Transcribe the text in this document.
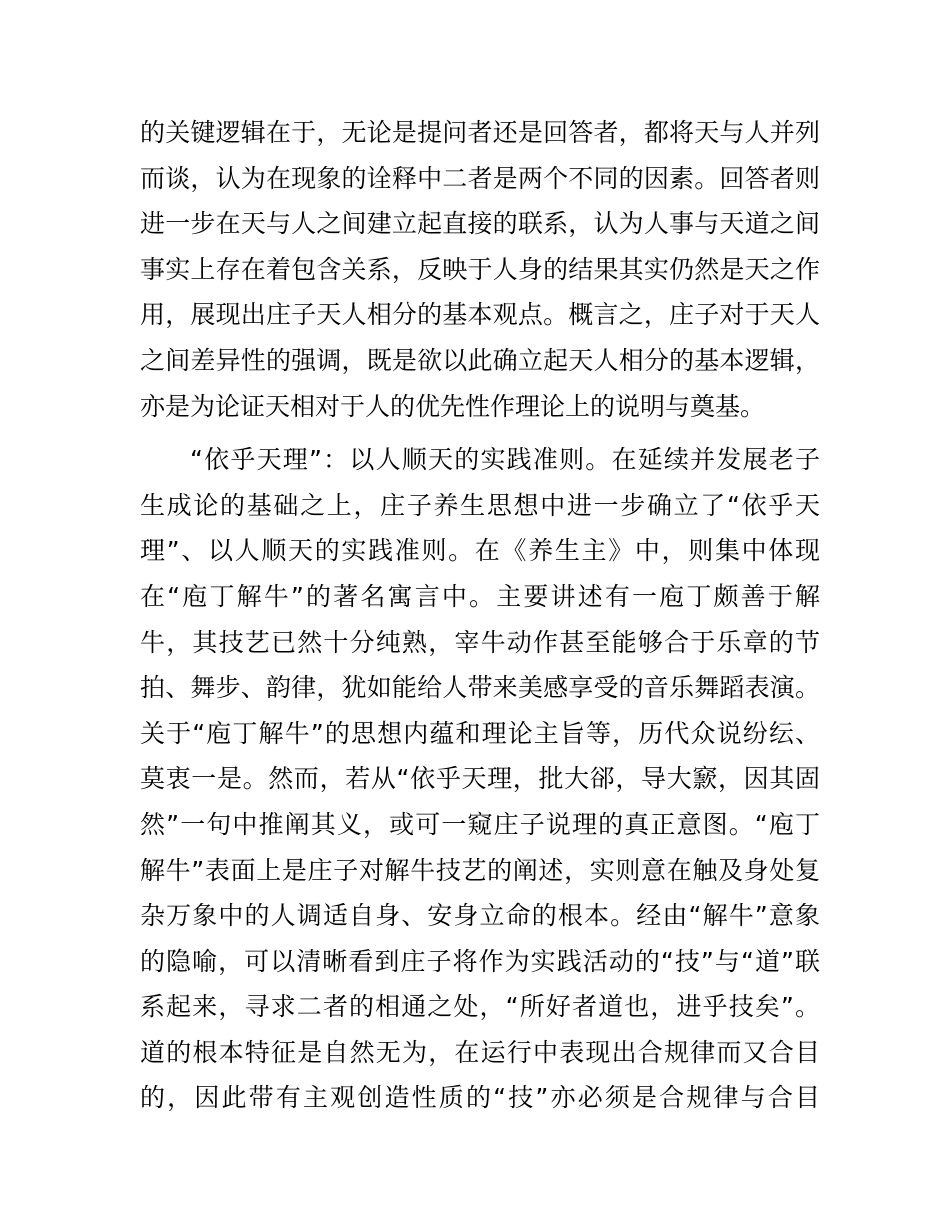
的关键逻辑在于，无论是提问者还是回答者，都将天与人并列
而谈，认为在现象的诠释中二者是两个不同的因素。回答者则
进一步在天与人之间建立起直接的联系，认为人事与天道之间
事实上存在着包含关系，反映于人身的结果其实仍然是天之作
用，展现出庄子天人相分的基本观点。概言之，庄子对于天人
之间差异性的强调，既是欲以此确立起天人相分的基本逻辑，
亦是为论证天相对于人的优先性作理论上的说明与奠基。
“依乎天理”：以人顺天的实践准则。在延续并发展老子
生成论的基础之上，庄子养生思想中进一步确立了“依乎天
理”、以人顺天的实践准则。在《养生主》中，则集中体现
在“庖丁解牛”的著名寓言中。主要讲述有一庖丁颇善于解
牛，其技艺已然十分纯熟，宰牛动作甚至能够合于乐章的节
拍、舞步、韵律，犹如能给人带来美感享受的音乐舞蹈表演。
关于“庖丁解牛”的思想内蕴和理论主旨等，历代众说纷纭、
莫衷一是。然而，若从“依乎天理，批大郤，导大窾，因其固
然”一句中推阐其义，或可一窥庄子说理的真正意图。“庖丁
解牛”表面上是庄子对解牛技艺的阐述，实则意在触及身处复
杂万象中的人调适自身、安身立命的根本。经由“解牛”意象
的隐喻，可以清晰看到庄子将作为实践活动的“技”与“道”联
系起来，寻求二者的相通之处，“所好者道也，进乎技矣”。
道的根本特征是自然无为，在运行中表现出合规律而又合目
的，因此带有主观创造性质的“技”亦必须是合规律与合目
